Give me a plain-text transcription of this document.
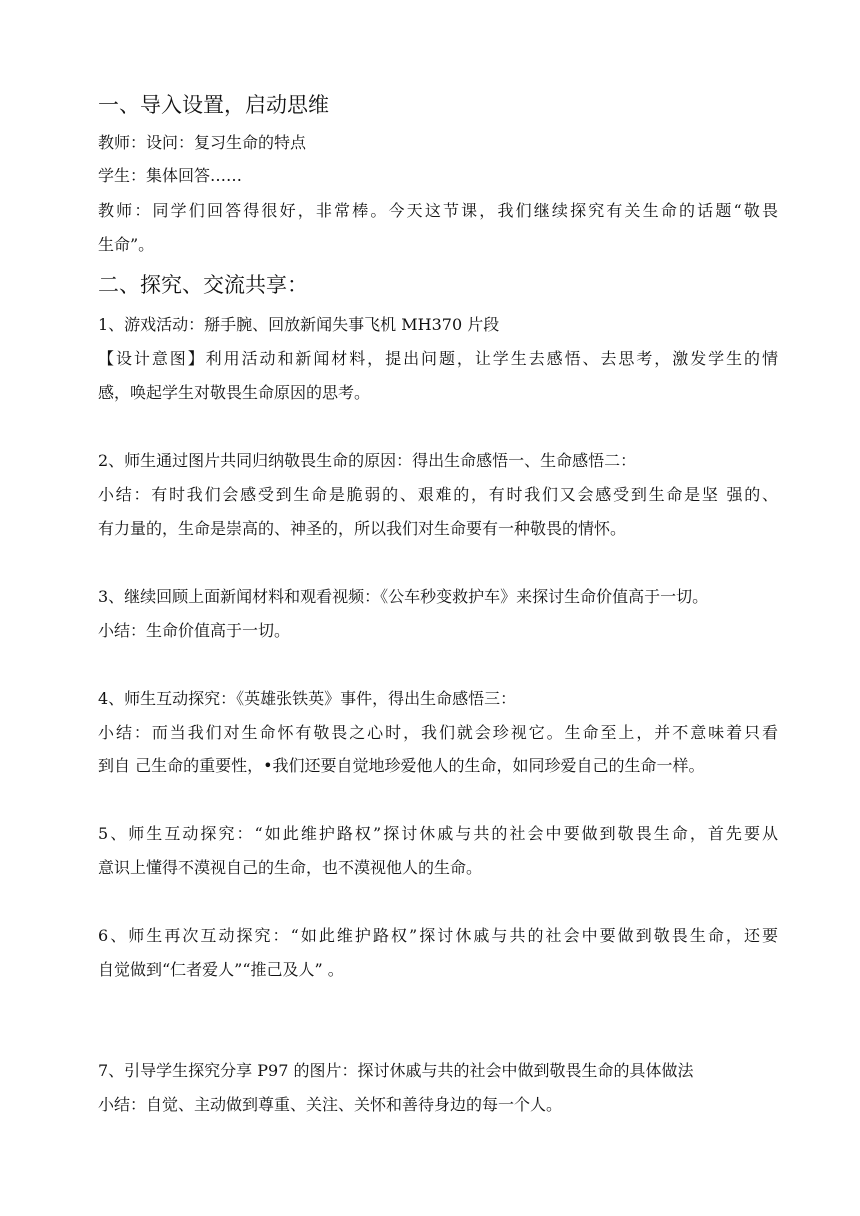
一、导入设置，启动思维
教师：设问：复习生命的特点
学生：集体回答……
教师：同学们回答得很好，非常棒。今天这节课，我们继续探究有关生命的话题“敬畏
生命”。
二、探究、交流共享：
1、游戏活动：掰手腕、回放新闻失事飞机 MH370 片段
【设计意图】利用活动和新闻材料，提出问题，让学生去感悟、去思考，激发学生的情
感，唤起学生对敬畏生命原因的思考。
2、师生通过图片共同归纳敬畏生命的原因：得出生命感悟一、生命感悟二：
小结：有时我们会感受到生命是脆弱的、艰难的，有时我们又会感受到生命是坚 强的、
有力量的，生命是崇高的、神圣的，所以我们对生命要有一种敬畏的情怀。
3、继续回顾上面新闻材料和观看视频：《公车秒变救护车》来探讨生命价值高于一切。
小结：生命价值高于一切。
4、师生互动探究：《英雄张铁英》事件，得出生命感悟三：
小结：而当我们对生命怀有敬畏之心时，我们就会珍视它。生命至上，并不意味着只看
到自 己生命的重要性，•我们还要自觉地珍爱他人的生命，如同珍爱自己的生命一样。
5、师生互动探究：“如此维护路权”探讨休戚与共的社会中要做到敬畏生命，首先要从
意识上懂得不漠视自己的生命，也不漠视他人的生命。
6、师生再次互动探究：“如此维护路权”探讨休戚与共的社会中要做到敬畏生命，还要
自觉做到“仁者爱人”“推己及人” 。
7、引导学生探究分享 P97 的图片：探讨休戚与共的社会中做到敬畏生命的具体做法
小结：自觉、主动做到尊重、关注、关怀和善待身边的每一个人。
